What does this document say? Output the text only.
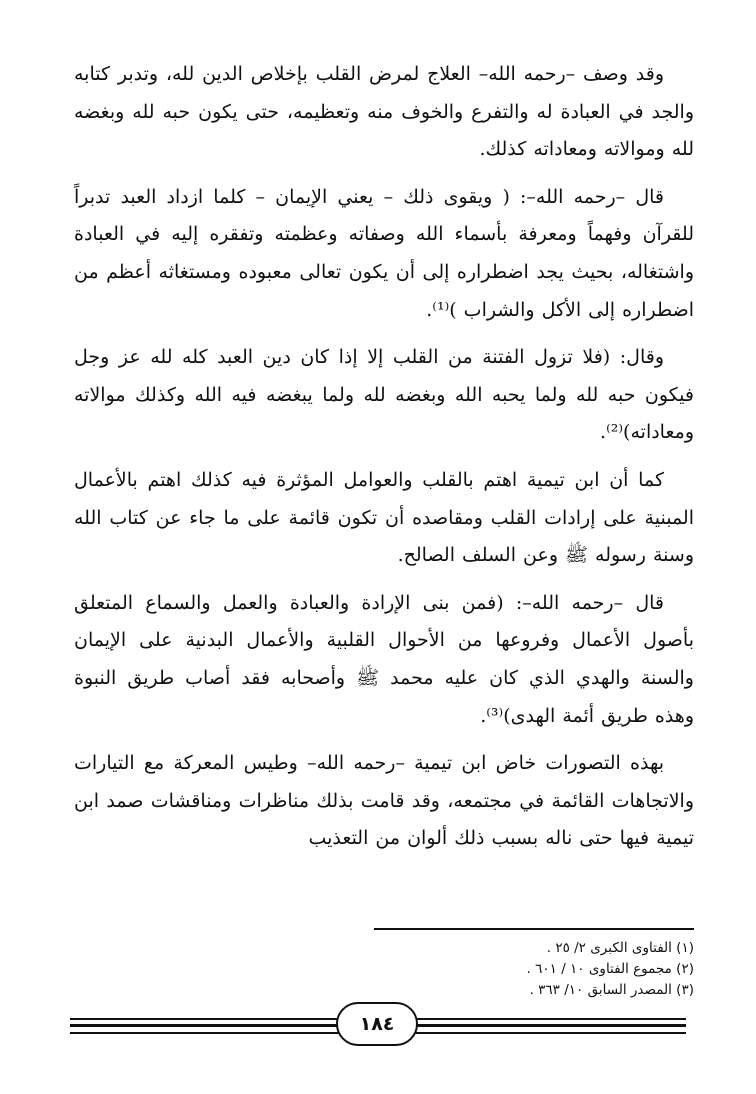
وقد وصف –رحمه الله– العلاج لمرض القلب بإخلاص الدين لله، وتدبر كتابه والجد في العبادة له والتفرع والخوف منه وتعظيمه، حتى يكون حبه لله وبغضه لله وموالاته ومعاداته كذلك.

قال –رحمه الله–: ( ويقوى ذلك – يعني الإيمان – كلما ازداد العبد تدبراً للقرآن وفهماً ومعرفة بأسماء الله وصفاته وعظمته وتفقره إليه في العبادة واشتغاله، بحيث يجد اضطراره إلى أن يكون تعالى معبوده ومستغاثه أعظم من اضطراره إلى الأكل والشراب )⁽¹⁾.

وقال: (فلا تزول الفتنة من القلب إلا إذا كان دين العبد كله لله عز وجل فيكون حبه لله ولما يحبه الله وبغضه لله ولما يبغضه فيه الله وكذلك موالاته ومعاداته)⁽²⁾.

كما أن ابن تيمية اهتم بالقلب والعوامل المؤثرة فيه كذلك اهتم بالأعمال المبنية على إرادات القلب ومقاصده أن تكون قائمة على ما جاء عن كتاب الله وسنة رسوله ﷺ وعن السلف الصالح.

قال –رحمه الله–: (فمن بنى الإرادة والعبادة والعمل والسماع المتعلق بأصول الأعمال وفروعها من الأحوال القلبية والأعمال البدنية على الإيمان والسنة والهدي الذي كان عليه محمد ﷺ وأصحابه فقد أصاب طريق النبوة وهذه طريق أئمة الهدى)⁽³⁾.

بهذه التصورات خاض ابن تيمية –رحمه الله– وطيس المعركة مع التيارات والاتجاهات القائمة في مجتمعه، وقد قامت بذلك مناظرات ومناقشات صمد ابن تيمية فيها حتى ناله بسبب ذلك ألوان من التعذيب

(١) الفتاوى الكبرى ٢/ ٢٥ .

(٢) مجموع الفتاوى ١٠ / ٦٠١ .

(٣) المصدر السابق ١٠/ ٣٦٣ .

١٨٤
